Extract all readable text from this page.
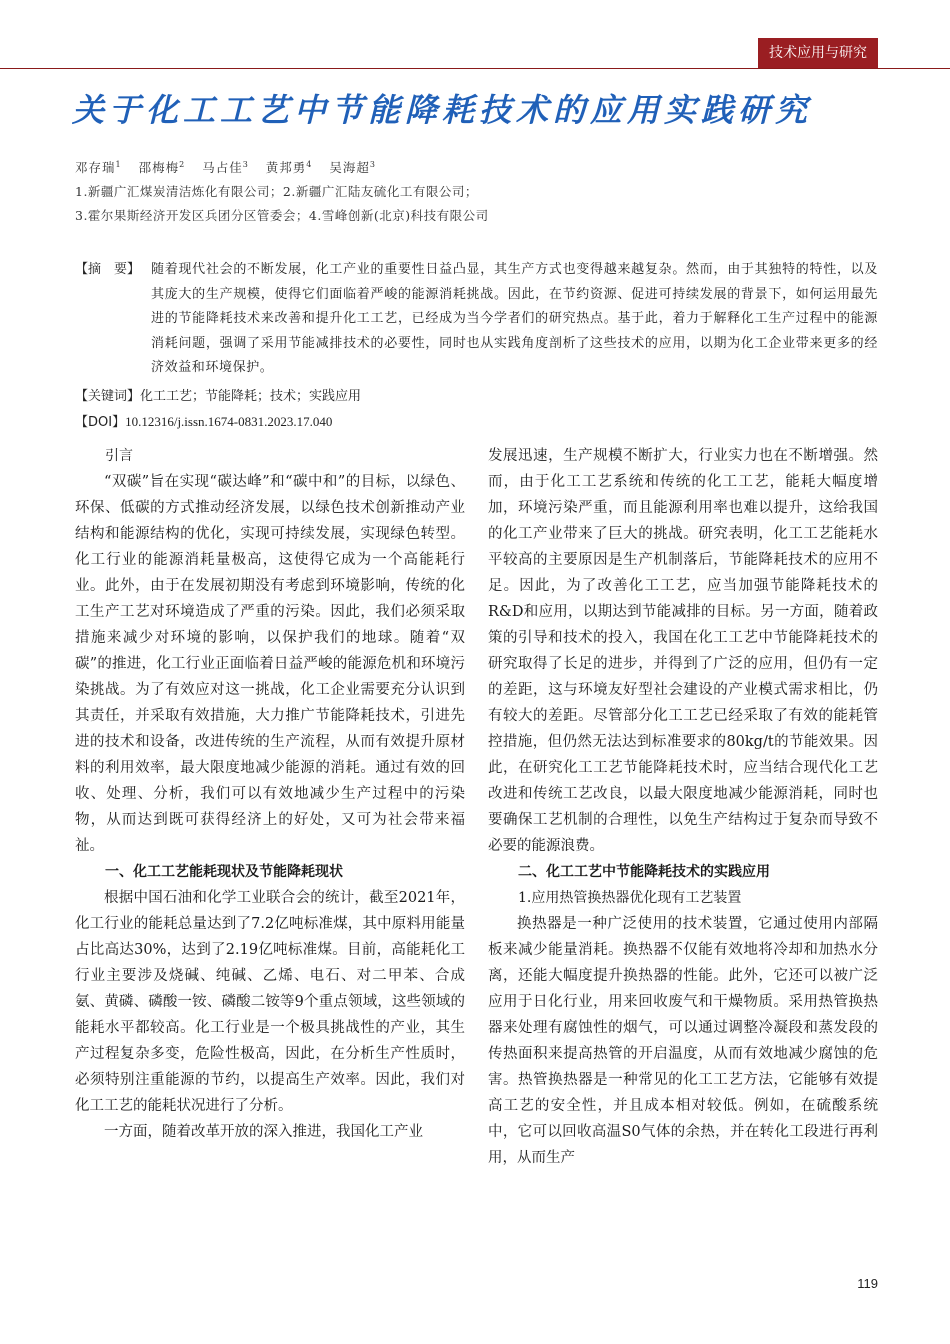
技术应用与研究
关于化工工艺中节能降耗技术的应用实践研究
邓存瑞$^1$ 邵梅梅$^2$ 马占佳$^3$ 黄邦勇$^4$ 吴海超$^3$
1.新疆广汇煤炭清洁炼化有限公司；2.新疆广汇陆友硫化工有限公司；
3.霍尔果斯经济开发区兵团分区管委会；4.雪峰创新(北京)科技有限公司
【摘　要】 随着现代社会的不断发展，化工产业的重要性日益凸显，其生产方式也变得越来越复杂。然而，由于其独特的特性，以及其庞大的生产规模，使得它们面临着严峻的能源消耗挑战。因此，在节约资源、促进可持续发展的背景下，如何运用最先进的节能降耗技术来改善和提升化工工艺，已经成为当今学者们的研究热点。基于此，着力于解释化工生产过程中的能源消耗问题，强调了采用节能减排技术的必要性，同时也从实践角度剖析了这些技术的应用，以期为化工企业带来更多的经济效益和环境保护。
【关键词】化工工艺；节能降耗；技术；实践应用
【DOI】10.12316/j.issn.1674-0831.2023.17.040
引言

“双碳”旨在实现“碳达峰”和“碳中和”的目标，以绿色、环保、低碳的方式推动经济发展，以绿色技术创新推动产业结构和能源结构的优化，实现可持续发展，实现绿色转型。化工行业的能源消耗量极高，这使得它成为一个高能耗行业。此外，由于在发展初期没有考虑到环境影响，传统的化工生产工艺对环境造成了严重的污染。因此，我们必须采取措施来减少对环境的影响，以保护我们的地球。随着“双碳”的推进，化工行业正面临着日益严峻的能源危机和环境污染挑战。为了有效应对这一挑战，化工企业需要充分认识到其责任，并采取有效措施，大力推广节能降耗技术，引进先进的技术和设备，改进传统的生产流程，从而有效提升原材料的利用效率，最大限度地减少能源的消耗。通过有效的回收、处理、分析，我们可以有效地减少生产过程中的污染物，从而达到既可获得经济上的好处，又可为社会带来福祉。

一、化工工艺能耗现状及节能降耗现状

根据中国石油和化学工业联合会的统计，截至2021年，化工行业的能耗总量达到了7.2亿吨标准煤，其中原料用能量占比高达30%，达到了2.19亿吨标准煤。目前，高能耗化工行业主要涉及烧碱、纯碱、乙烯、电石、对二甲苯、合成氨、黄磷、磷酸一铵、磷酸二铵等9个重点领域，这些领域的能耗水平都较高。化工行业是一个极具挑战性的产业，其生产过程复杂多变，危险性极高，因此，在分析生产性质时，必须特别注重能源的节约，以提高生产效率。因此，我们对化工工艺的能耗状况进行了分析。

一方面，随着改革开放的深入推进，我国化工产业

发展迅速，生产规模不断扩大，行业实力也在不断增强。然而，由于化工工艺系统和传统的化工工艺，能耗大幅度增加，环境污染严重，而且能源利用率也难以提升，这给我国的化工产业带来了巨大的挑战。研究表明，化工工艺能耗水平较高的主要原因是生产机制落后，节能降耗技术的应用不足。因此，为了改善化工工艺，应当加强节能降耗技术的R&D和应用，以期达到节能减排的目标。另一方面，随着政策的引导和技术的投入，我国在化工工艺中节能降耗技术的研究取得了长足的进步，并得到了广泛的应用，但仍有一定的差距，这与环境友好型社会建设的产业模式需求相比，仍有较大的差距。尽管部分化工工艺已经采取了有效的能耗管控措施，但仍然无法达到标准要求的80kg/t的节能效果。因此，在研究化工工艺节能降耗技术时，应当结合现代化工艺改进和传统工艺改良，以最大限度地减少能源消耗，同时也要确保工艺机制的合理性，以免生产结构过于复杂而导致不必要的能源浪费。

二、化工工艺中节能降耗技术的实践应用
1.应用热管换热器优化现有工艺装置

换热器是一种广泛使用的技术装置，它通过使用内部隔板来减少能量消耗。换热器不仅能有效地将冷却和加热水分离，还能大幅度提升换热器的性能。此外，它还可以被广泛应用于日化行业，用来回收废气和干燥物质。采用热管换热器来处理有腐蚀性的烟气，可以通过调整冷凝段和蒸发段的传热面积来提高热管的开启温度，从而有效地减少腐蚀的危害。热管换热器是一种常见的化工工艺方法，它能够有效提高工艺的安全性，并且成本相对较低。例如，在硫酸系统中，它可以回收高温S0气体的余热，并在转化工段进行再利用，从而生产

119
